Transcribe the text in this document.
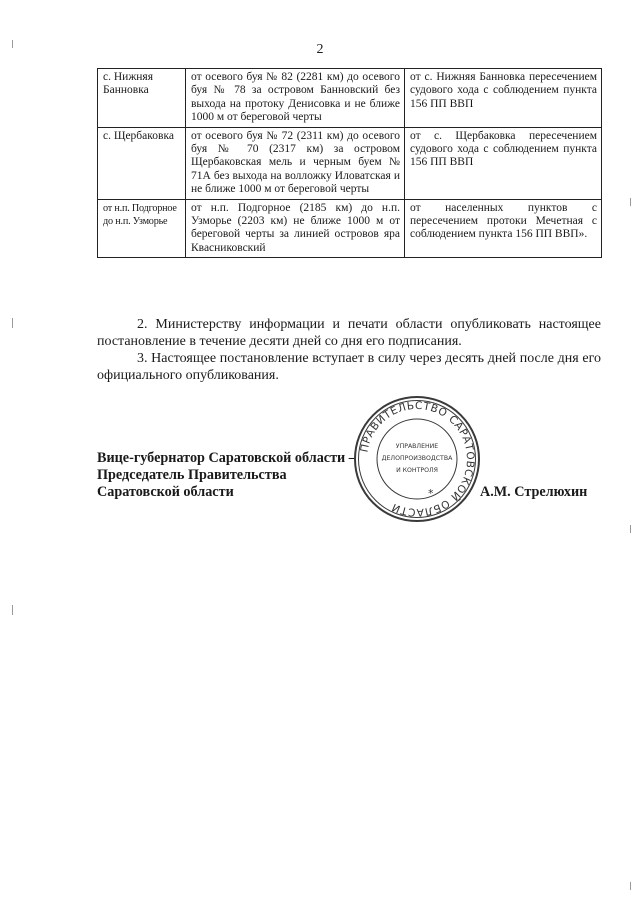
2
с. Нижняя Банновка	от осевого буя № 82 (2281 км) до осевого буя № 78 за островом Банновский без выхода на протоку Денисовка и не ближе 1000 м от береговой черты	от с. Нижняя Банновка пересечением судового хода с соблюдением пункта 156 ПП ВВП
с. Щербаковка	от осевого буя № 72 (2311 км) до осевого буя № 70 (2317 км) за островом Щербаковская мель и черным буем № 71А без выхода на волложку Иловатская и не ближе 1000 м от береговой черты	от с. Щербаковка пересечением судового хода с соблюдением пункта 156 ПП ВВП
от н.п. Подгорное до н.п. Узморье	от н.п. Подгорное (2185 км) до н.п. Узморье (2203 км) не ближе 1000 м от береговой черты за линией островов яра Квасниковский	от населенных пунктов с пересечением протоки Мечетная с соблюдением пункта 156 ПП ВВП».

2. Министерству информации и печати области опубликовать настоящее постановление в течение десяти дней со дня его подписания.

3. Настоящее постановление вступает в силу через десять дней после дня его официального опубликования.

Вице-губернатор Саратовской области –
Председатель Правительства
Саратовской области	А.М. Стрелюхин
ПРАВИТЕЛЬСТВО САРАТОВСКОЙ ОБЛАСТИ
УПРАВЛЕНИЕ
ДЕЛОПРОИЗВОДСТВА
И КОНТРОЛЯ
*
